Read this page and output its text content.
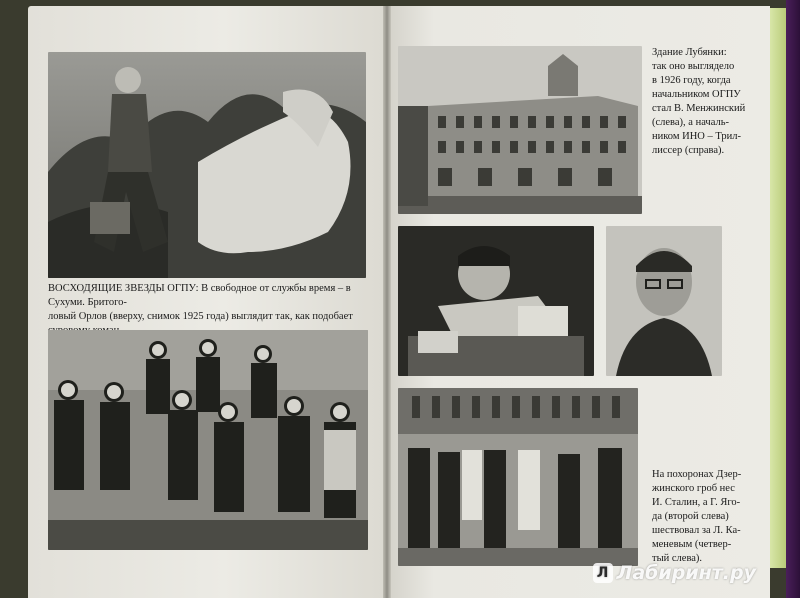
ВОСХОДЯЩИЕ ЗВЕЗДЫ ОГПУ: В свободное от службы время – в Сухуми. Бритого-
ловый Орлов (вверху, снимок 1925 года) выглядит так, как подобает
Здание Лубянки:
так оно выглядело
в 1926 году, когда
начальником ОГПУ
стал В. Менжинский
(слева), а началь-
ником ИНО – Трил-
лиссер (справа).
На похоронах Дзер-
жинского гроб нес
И. Сталин, а Г. Яго-
да (второй слева)
шествовал за Л. Ка-
меневым (четвер-
тый слева).
Л Лабиринт.ру
